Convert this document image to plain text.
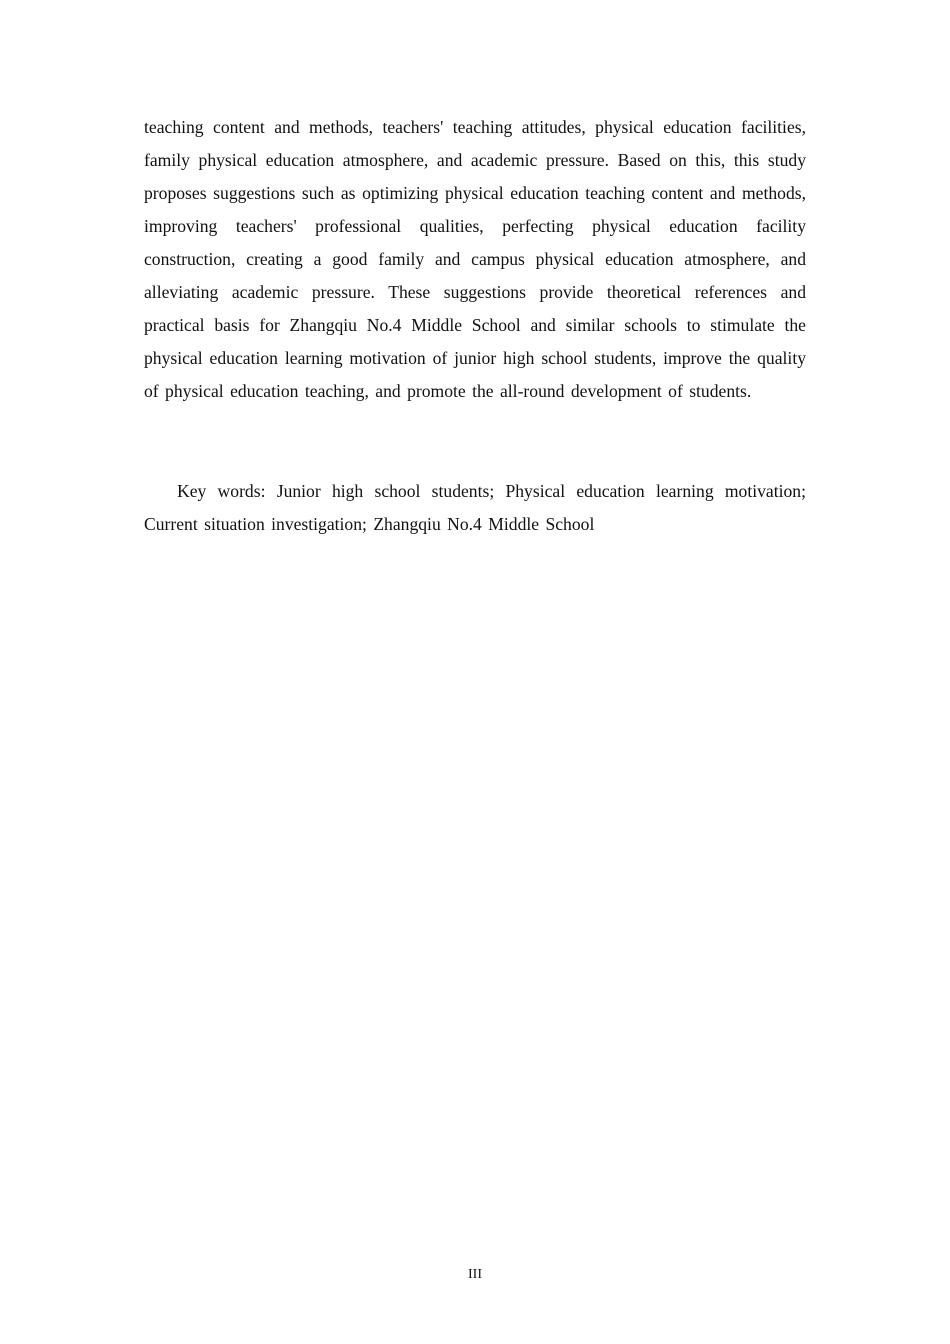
teaching content and methods, teachers' teaching attitudes, physical education facilities, family physical education atmosphere, and academic pressure. Based on this, this study proposes suggestions such as optimizing physical education teaching content and methods, improving teachers' professional qualities, perfecting physical education facility construction, creating a good family and campus physical education atmosphere, and alleviating academic pressure. These suggestions provide theoretical references and practical basis for Zhangqiu No.4 Middle School and similar schools to stimulate the physical education learning motivation of junior high school students, improve the quality of physical education teaching, and promote the all-round development of students.

Key words: Junior high school students; Physical education learning motivation; Current situation investigation; Zhangqiu No.4 Middle School

III
